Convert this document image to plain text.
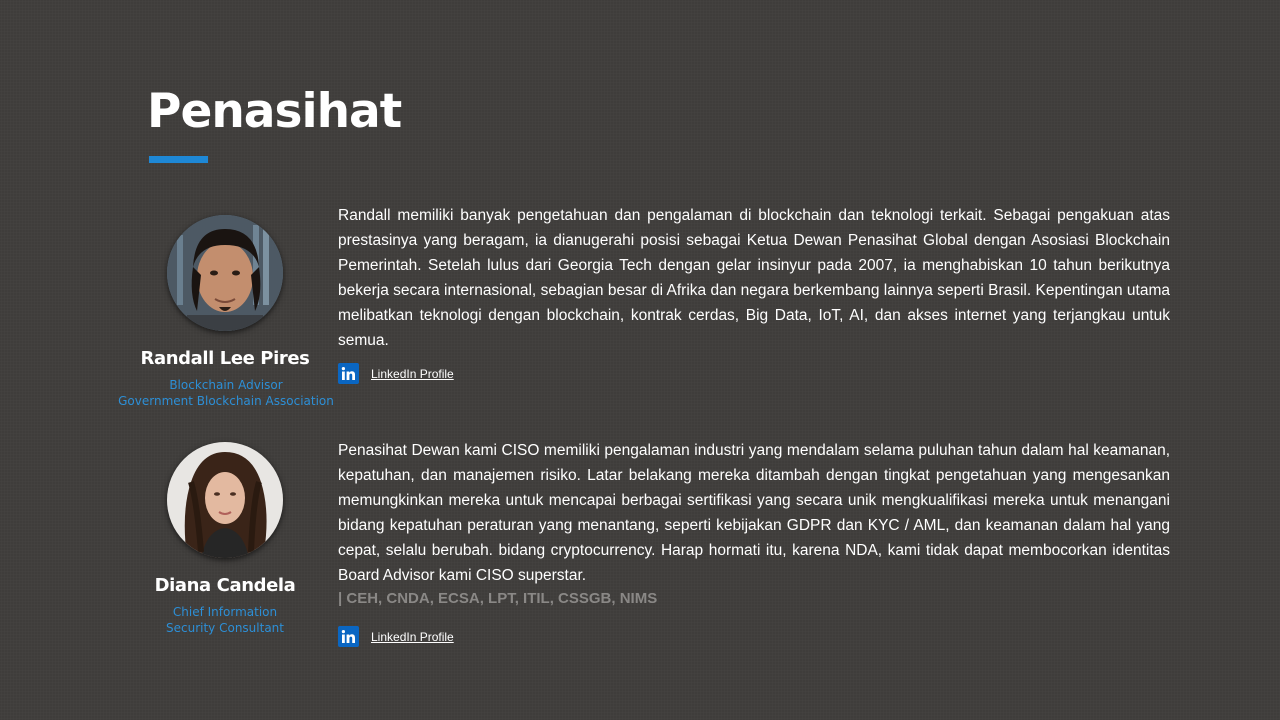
Penasihat
Randall Lee Pires
Blockchain Advisor
Government Blockchain Association

Randall memiliki banyak pengetahuan dan pengalaman di blockchain dan teknologi terkait. Sebagai pengakuan atas prestasinya yang beragam, ia dianugerahi posisi sebagai Ketua Dewan Penasihat Global dengan Asosiasi Blockchain Pemerintah. Setelah lulus dari Georgia Tech dengan gelar insinyur pada 2007, ia menghabiskan 10 tahun berikutnya bekerja secara internasional, sebagian besar di Afrika dan negara berkembang lainnya seperti Brasil. Kepentingan utama melibatkan teknologi dengan blockchain, kontrak cerdas, Big Data, IoT, AI, dan akses internet yang terjangkau untuk semua.

LinkedIn Profile
Diana Candela
Chief Information
Security Consultant

Penasihat Dewan kami CISO memiliki pengalaman industri yang mendalam selama puluhan tahun dalam hal keamanan, kepatuhan, dan manajemen risiko. Latar belakang mereka ditambah dengan tingkat pengetahuan yang mengesankan memungkinkan mereka untuk mencapai berbagai sertifikasi yang secara unik mengkualifikasi mereka untuk menangani bidang kepatuhan peraturan yang menantang, seperti kebijakan GDPR dan KYC / AML, dan keamanan dalam hal yang cepat, selalu berubah. bidang cryptocurrency. Harap hormati itu, karena NDA, kami tidak dapat membocorkan identitas Board Advisor kami CISO superstar.

| CEH, CNDA, ECSA, LPT, ITIL, CSSGB, NIMS
LinkedIn Profile
